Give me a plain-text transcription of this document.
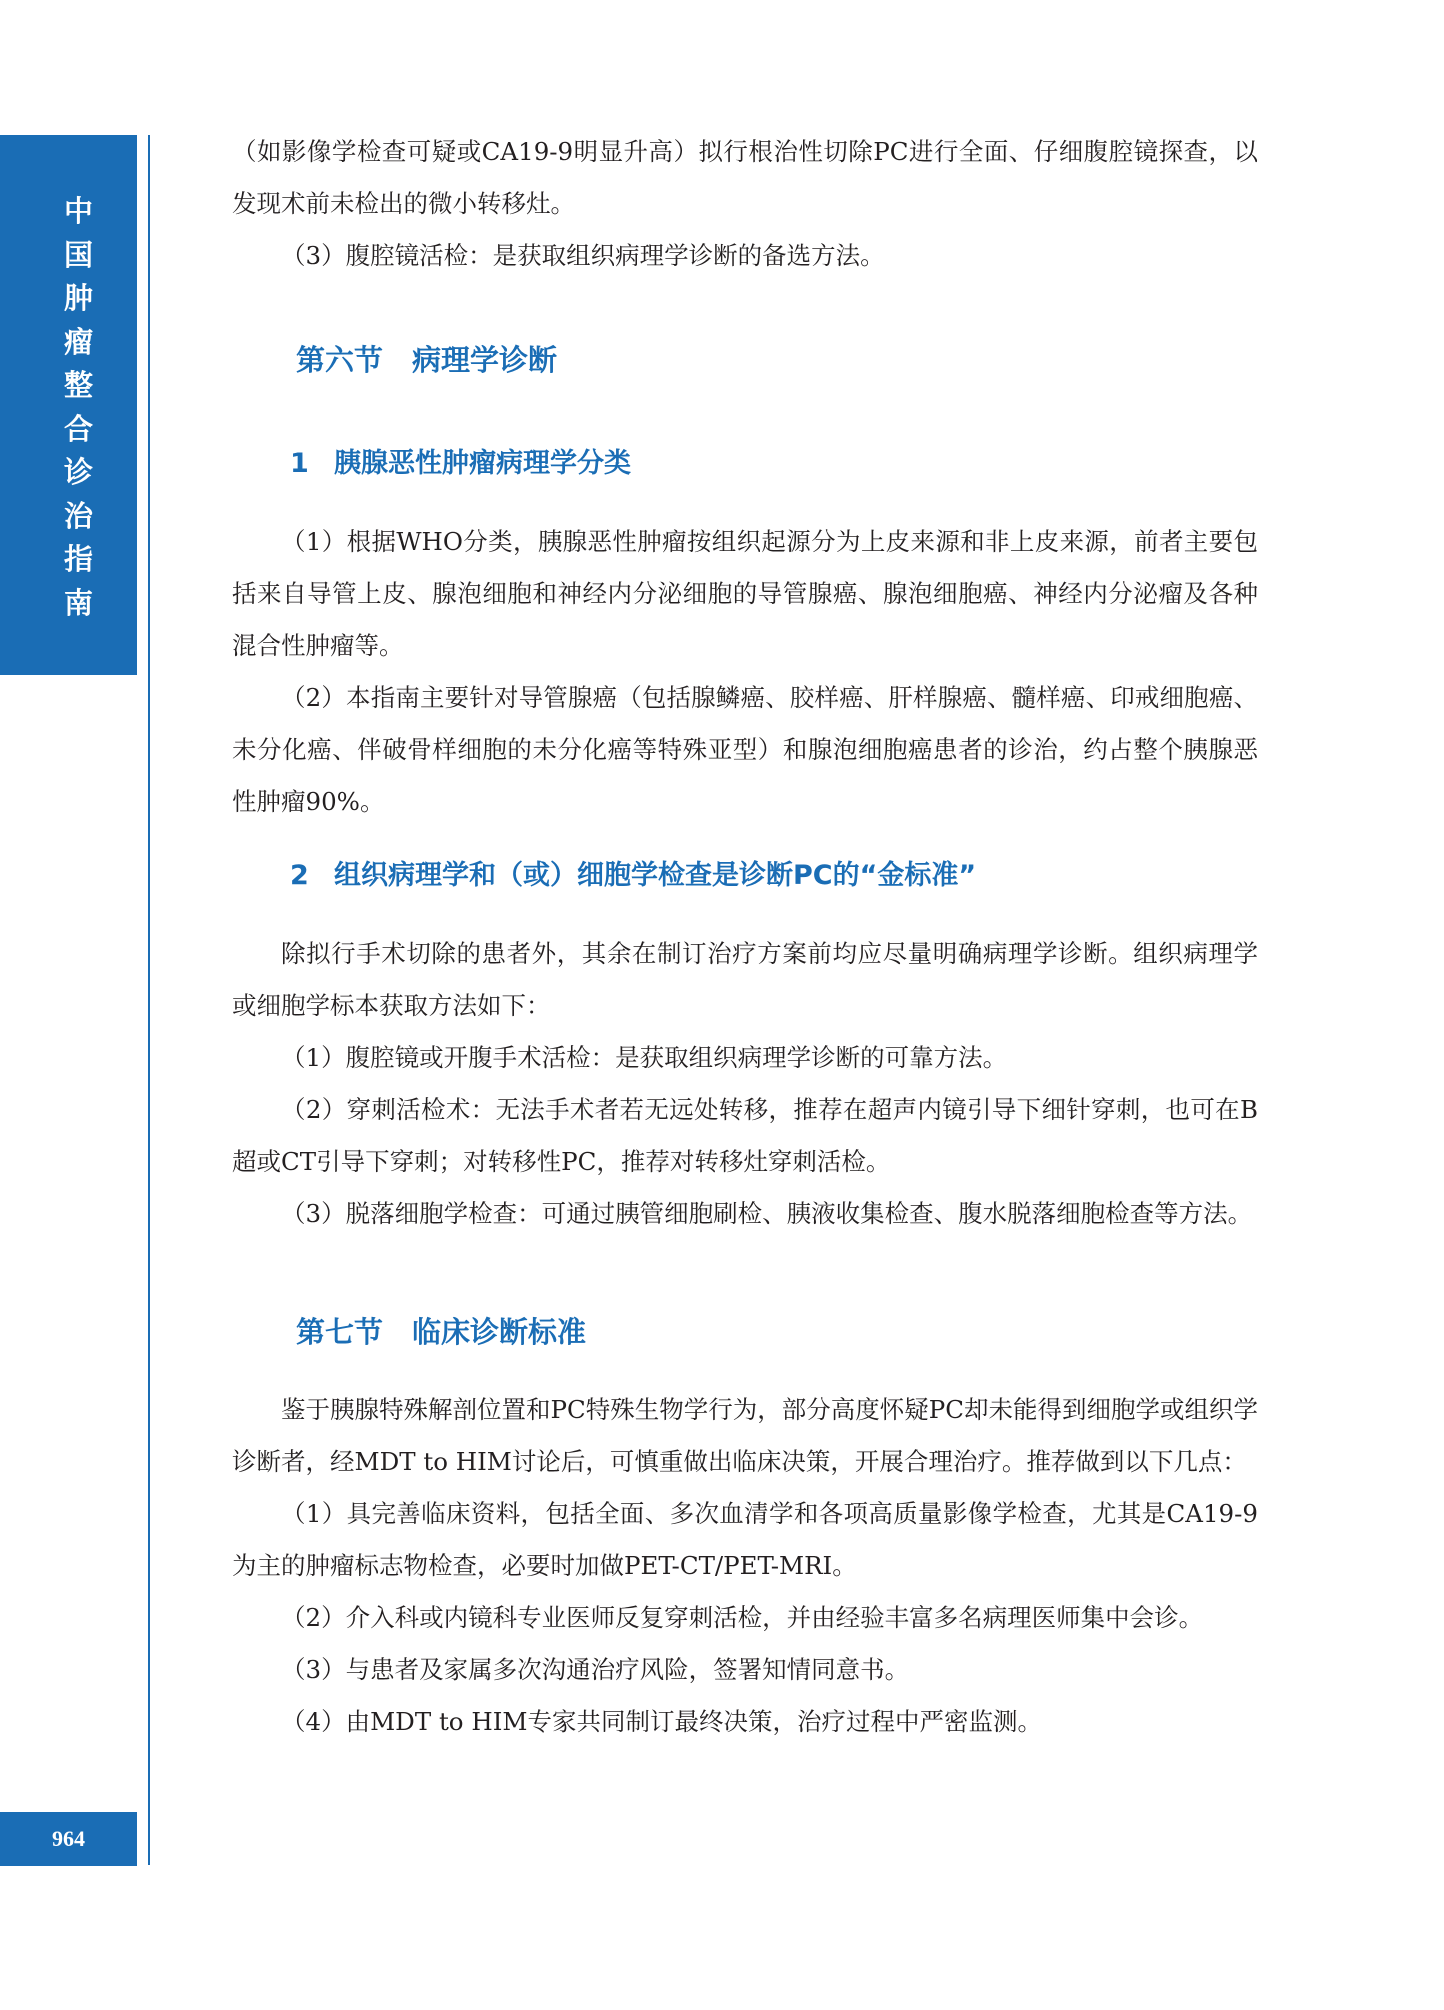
中
国
肿
瘤
整
合
诊
治
指
南
964

（如影像学检查可疑或CA19-9明显升高）拟行根治性切除PC进行全面、仔细腹腔镜探查，以发现术前未检出的微小转移灶。

（3）腹腔镜活检：是获取组织病理学诊断的备选方法。

第六节　病理学诊断
1 胰腺恶性肿瘤病理学分类

（1）根据WHO分类，胰腺恶性肿瘤按组织起源分为上皮来源和非上皮来源，前者主要包括来自导管上皮、腺泡细胞和神经内分泌细胞的导管腺癌、腺泡细胞癌、神经内分泌瘤及各种混合性肿瘤等。

（2）本指南主要针对导管腺癌（包括腺鳞癌、胶样癌、肝样腺癌、髓样癌、印戒细胞癌、未分化癌、伴破骨样细胞的未分化癌等特殊亚型）和腺泡细胞癌患者的诊治，约占整个胰腺恶性肿瘤90%。

2 组织病理学和（或）细胞学检查是诊断PC的“金标准”

除拟行手术切除的患者外，其余在制订治疗方案前均应尽量明确病理学诊断。组织病理学或细胞学标本获取方法如下：

（1）腹腔镜或开腹手术活检：是获取组织病理学诊断的可靠方法。

（2）穿刺活检术：无法手术者若无远处转移，推荐在超声内镜引导下细针穿刺，也可在B超或CT引导下穿刺；对转移性PC，推荐对转移灶穿刺活检。

（3）脱落细胞学检查：可通过胰管细胞刷检、胰液收集检查、腹水脱落细胞检查等方法。

第七节　临床诊断标准

鉴于胰腺特殊解剖位置和PC特殊生物学行为，部分高度怀疑PC却未能得到细胞学或组织学诊断者，经MDT to HIM讨论后，可慎重做出临床决策，开展合理治疗。推荐做到以下几点：

（1）具完善临床资料，包括全面、多次血清学和各项高质量影像学检查，尤其是CA19-9为主的肿瘤标志物检查，必要时加做PET-CT/PET-MRI。

（2）介入科或内镜科专业医师反复穿刺活检，并由经验丰富多名病理医师集中会诊。

（3）与患者及家属多次沟通治疗风险，签署知情同意书。

（4）由MDT to HIM专家共同制订最终决策，治疗过程中严密监测。
